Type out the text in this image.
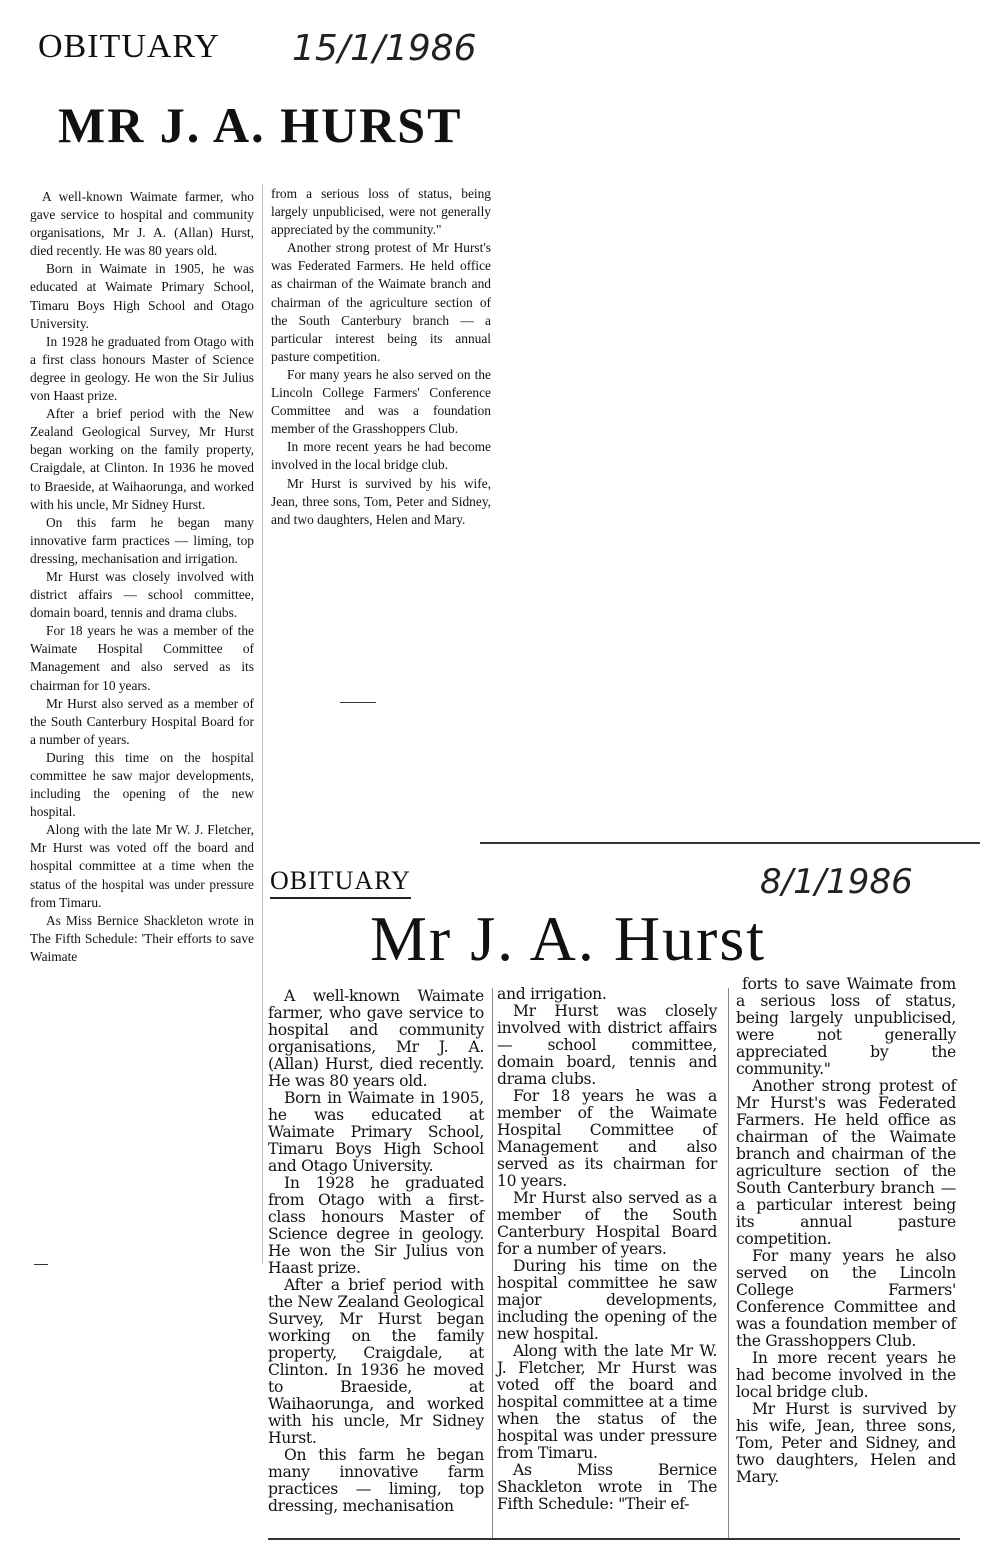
OBITUARY 15/1/1986
MR J. A. HURST

A well-known Waimate farmer, who gave service to hospital and community organisations, Mr J. A. (Allan) Hurst, died recently. He was 80 years old.

Born in Waimate in 1905, he was educated at Waimate Primary School, Timaru Boys High School and Otago University.

In 1928 he graduated from Otago with a first class honours Master of Science degree in geology. He won the Sir Julius von Haast prize.

After a brief period with the New Zealand Geological Survey, Mr Hurst began working on the family property, Craigdale, at Clinton. In 1936 he moved to Braeside, at Waihaorunga, and worked with his uncle, Mr Sidney Hurst.

On this farm he began many innovative farm practices — liming, top dressing, mechanisation and irrigation.

Mr Hurst was closely involved with district affairs — school committee, domain board, tennis and drama clubs.

For 18 years he was a member of the Waimate Hospital Committee of Management and also served as its chairman for 10 years.

Mr Hurst also served as a member of the South Canterbury Hospital Board for a number of years.

During this time on the hospital committee he saw major developments, including the opening of the new hospital.

Along with the late Mr W. J. Fletcher, Mr Hurst was voted off the board and hospital committee at a time when the status of the hospital was under pressure from Timaru.

As Miss Bernice Shackleton wrote in The Fifth Schedule: 'Their efforts to save Waimate

from a serious loss of status, being largely unpublicised, were not generally appreciated by the community."

Another strong protest of Mr Hurst's was Federated Farmers. He held office as chairman of the Waimate branch and chairman of the agriculture section of the South Canterbury branch — a particular interest being its annual pasture competition.

For many years he also served on the Lincoln College Farmers' Conference Committee and was a foundation member of the Grasshoppers Club.

In more recent years he had become involved in the local bridge club.

Mr Hurst is survived by his wife, Jean, three sons, Tom, Peter and Sidney, and two daughters, Helen and Mary.

OBITUARY	8/1/1986
Mr J. A. Hurst

A well-known Waimate farmer, who gave service to hospital and community organisations, Mr J. A. (Allan) Hurst, died recently. He was 80 years old.

Born in Waimate in 1905, he was educated at Waimate Primary School, Timaru Boys High School and Otago University.

In 1928 he graduated from Otago with a first-class honours Master of Science degree in geology. He won the Sir Julius von Haast prize.

After a brief period with the New Zealand Geological Survey, Mr Hurst began working on the family property, Craigdale, at Clinton. In 1936 he moved to Braeside, at Waihaorunga, and worked with his uncle, Mr Sidney Hurst.

On this farm he began many innovative farm practices — liming, top dressing, mechanisation

and irrigation.

Mr Hurst was closely involved with district affairs — school committee, domain board, tennis and drama clubs.

For 18 years he was a member of the Waimate Hospital Committee of Management and also served as its chairman for 10 years.

Mr Hurst also served as a member of the South Canterbury Hospital Board for a number of years.

During his time on the hospital committee he saw major developments, including the opening of the new hospital.

Along with the late Mr W. J. Fletcher, Mr Hurst was voted off the board and hospital committee at a time when the status of the hospital was under pressure from Timaru.

As Miss Bernice Shackleton wrote in The Fifth Schedule: "Their ef-

forts to save Waimate from a serious loss of status, being largely unpublicised, were not generally appreciated by the community."

Another strong protest of Mr Hurst's was Federated Farmers. He held office as chairman of the Waimate branch and chairman of the agriculture section of the South Canterbury branch — a particular interest being its annual pasture competition.

For many years he also served on the Lincoln College Farmers' Conference Committee and was a foundation member of the Grasshoppers Club.

In more recent years he had become involved in the local bridge club.

Mr Hurst is survived by his wife, Jean, three sons, Tom, Peter and Sidney, and two daughters, Helen and Mary.
